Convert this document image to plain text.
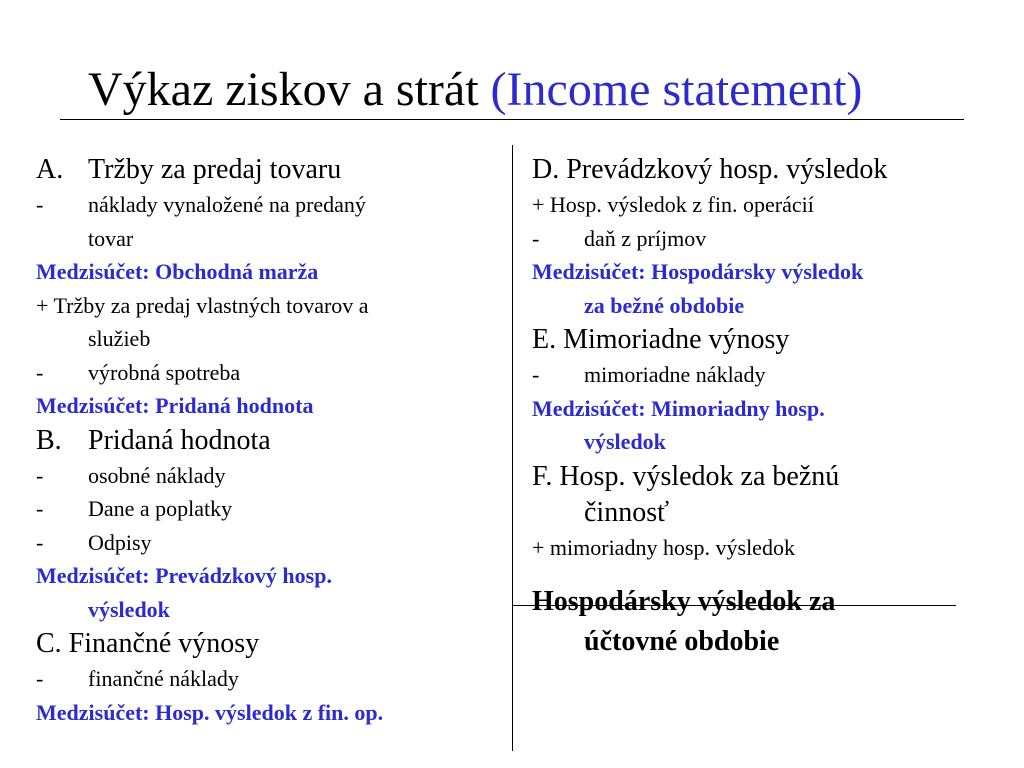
Výkaz ziskov a strát (Income statement)
A. Tržby za predaj tovaru
- náklady vynaložené na predaný
tovar
Medzisúčet: Obchodná marža
+ Tržby za predaj vlastných tovarov a
služieb
- výrobná spotreba
Medzisúčet: Pridaná hodnota
B. Pridaná hodnota
- osobné náklady
- Dane a poplatky
- Odpisy
Medzisúčet: Prevádzkový hosp.
výsledok
C. Finančné výnosy
- finančné náklady
Medzisúčet: Hosp. výsledok z fin. op.
D. Prevádzkový hosp. výsledok
+ Hosp. výsledok z fin. operácií
- daň z príjmov
Medzisúčet: Hospodársky výsledok
za bežné obdobie
E. Mimoriadne výnosy
- mimoriadne náklady
Medzisúčet: Mimoriadny hosp.
výsledok
F. Hosp. výsledok za bežnú
činnosť
+ mimoriadny hosp. výsledok
Hospodársky výsledok za
účtovné obdobie
